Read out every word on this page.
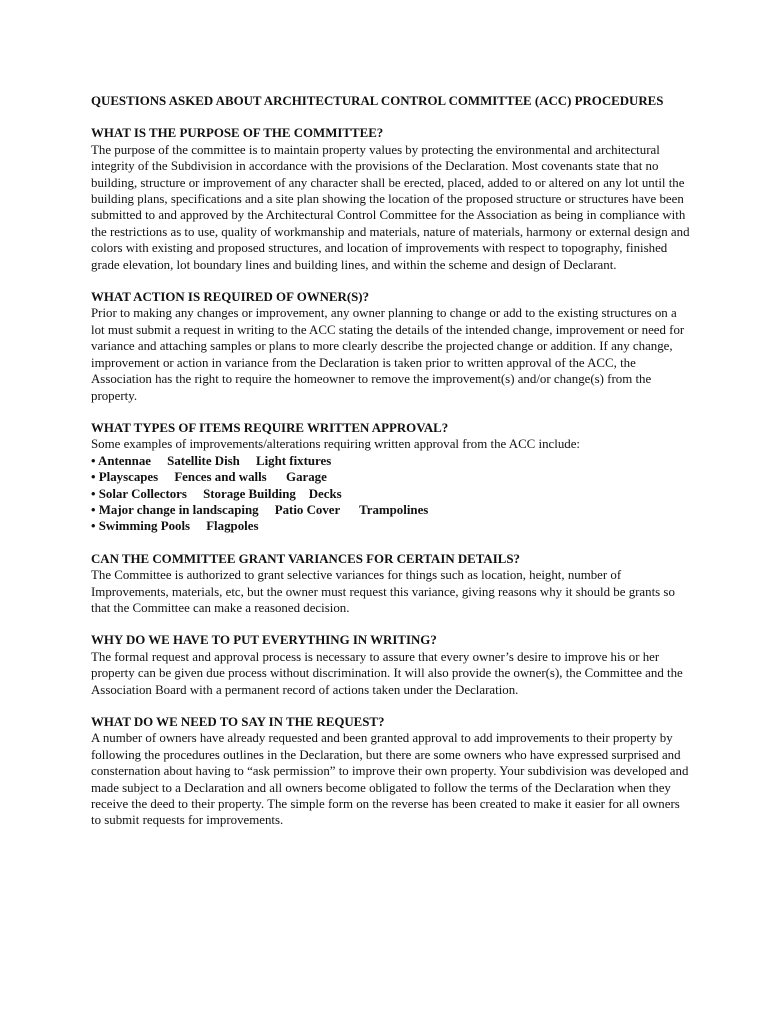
QUESTIONS ASKED ABOUT ARCHITECTURAL CONTROL COMMITTEE (ACC) PROCEDURES
WHAT IS THE PURPOSE OF THE COMMITTEE?

The purpose of the committee is to maintain property values by protecting the environmental and architectural integrity of the Subdivision in accordance with the provisions of the Declaration. Most covenants state that no building, structure or improvement of any character shall be erected, placed, added to or altered on any lot until the building plans, specifications and a site plan showing the location of the proposed structure or structures have been submitted to and approved by the Architectural Control Committee for the Association as being in compliance with the restrictions as to use, quality of workmanship and materials, nature of materials, harmony or external design and colors with existing and proposed structures, and location of improvements with respect to topography, finished grade elevation, lot boundary lines and building lines, and within the scheme and design of Declarant.

WHAT ACTION IS REQUIRED OF OWNER(S)?

Prior to making any changes or improvement, any owner planning to change or add to the existing structures on a lot must submit a request in writing to the ACC stating the details of the intended change, improvement or need for variance and attaching samples or plans to more clearly describe the projected change or addition. If any change, improvement or action in variance from the Declaration is taken prior to written approval of the ACC, the Association has the right to require the homeowner to remove the improvement(s) and/or change(s) from the property.

WHAT TYPES OF ITEMS REQUIRE WRITTEN APPROVAL?

Some examples of improvements/alterations requiring written approval from the ACC include:

• Antennae Satellite Dish Light fixtures
• Playscapes Fences and walls Garage
• Solar Collectors Storage Building Decks
• Major change in landscaping Patio Cover Trampolines
• Swimming Pools Flagpoles
CAN THE COMMITTEE GRANT VARIANCES FOR CERTAIN DETAILS?

The Committee is authorized to grant selective variances for things such as location, height, number of Improvements, materials, etc, but the owner must request this variance, giving reasons why it should be grants so that the Committee can make a reasoned decision.

WHY DO WE HAVE TO PUT EVERYTHING IN WRITING?

The formal request and approval process is necessary to assure that every owner’s desire to improve his or her property can be given due process without discrimination. It will also provide the owner(s), the Committee and the Association Board with a permanent record of actions taken under the Declaration.

WHAT DO WE NEED TO SAY IN THE REQUEST?

A number of owners have already requested and been granted approval to add improvements to their property by following the procedures outlines in the Declaration, but there are some owners who have expressed surprised and consternation about having to “ask permission” to improve their own property. Your subdivision was developed and made subject to a Declaration and all owners become obligated to follow the terms of the Declaration when they receive the deed to their property. The simple form on the reverse has been created to make it easier for all owners to submit requests for improvements.
